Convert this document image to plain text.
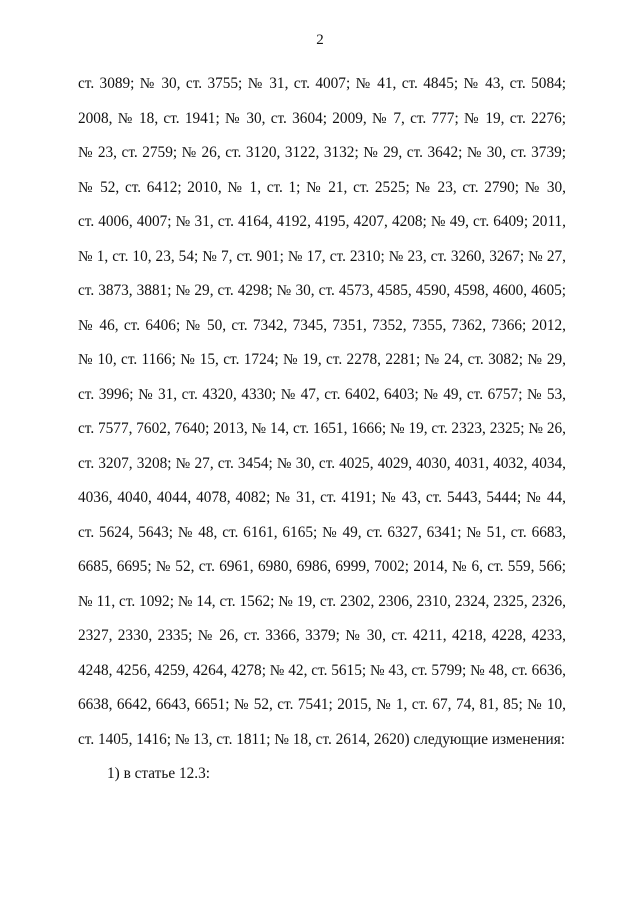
2
ст. 3089; № 30, ст. 3755; № 31, ст. 4007; № 41, ст. 4845; № 43, ст. 5084;
2008, № 18, ст. 1941; № 30, ст. 3604; 2009, № 7, ст. 777; № 19, ст. 2276;
№ 23, ст. 2759; № 26, ст. 3120, 3122, 3132; № 29, ст. 3642; № 30, ст. 3739;
№ 52, ст. 6412; 2010, № 1, ст. 1; № 21, ст. 2525; № 23, ст. 2790; № 30,
ст. 4006, 4007; № 31, ст. 4164, 4192, 4195, 4207, 4208; № 49, ст. 6409; 2011,
№ 1, ст. 10, 23, 54; № 7, ст. 901; № 17, ст. 2310; № 23, ст. 3260, 3267; № 27,
ст. 3873, 3881; № 29, ст. 4298; № 30, ст. 4573, 4585, 4590, 4598, 4600, 4605;
№ 46, ст. 6406; № 50, ст. 7342, 7345, 7351, 7352, 7355, 7362, 7366; 2012,
№ 10, ст. 1166; № 15, ст. 1724; № 19, ст. 2278, 2281; № 24, ст. 3082; № 29,
ст. 3996; № 31, ст. 4320, 4330; № 47, ст. 6402, 6403; № 49, ст. 6757; № 53,
ст. 7577, 7602, 7640; 2013, № 14, ст. 1651, 1666; № 19, ст. 2323, 2325; № 26,
ст. 3207, 3208; № 27, ст. 3454; № 30, ст. 4025, 4029, 4030, 4031, 4032, 4034,
4036, 4040, 4044, 4078, 4082; № 31, ст. 4191; № 43, ст. 5443, 5444; № 44,
ст. 5624, 5643; № 48, ст. 6161, 6165; № 49, ст. 6327, 6341; № 51, ст. 6683,
6685, 6695; № 52, ст. 6961, 6980, 6986, 6999, 7002; 2014, № 6, ст. 559, 566;
№ 11, ст. 1092; № 14, ст. 1562; № 19, ст. 2302, 2306, 2310, 2324, 2325, 2326,
2327, 2330, 2335; № 26, ст. 3366, 3379; № 30, ст. 4211, 4218, 4228, 4233,
4248, 4256, 4259, 4264, 4278; № 42, ст. 5615; № 43, ст. 5799; № 48, ст. 6636,
6638, 6642, 6643, 6651; № 52, ст. 7541; 2015, № 1, ст. 67, 74, 81, 85; № 10,
ст. 1405, 1416; № 13, ст. 1811; № 18, ст. 2614, 2620) следующие изменения:
1) в статье 12.3:
